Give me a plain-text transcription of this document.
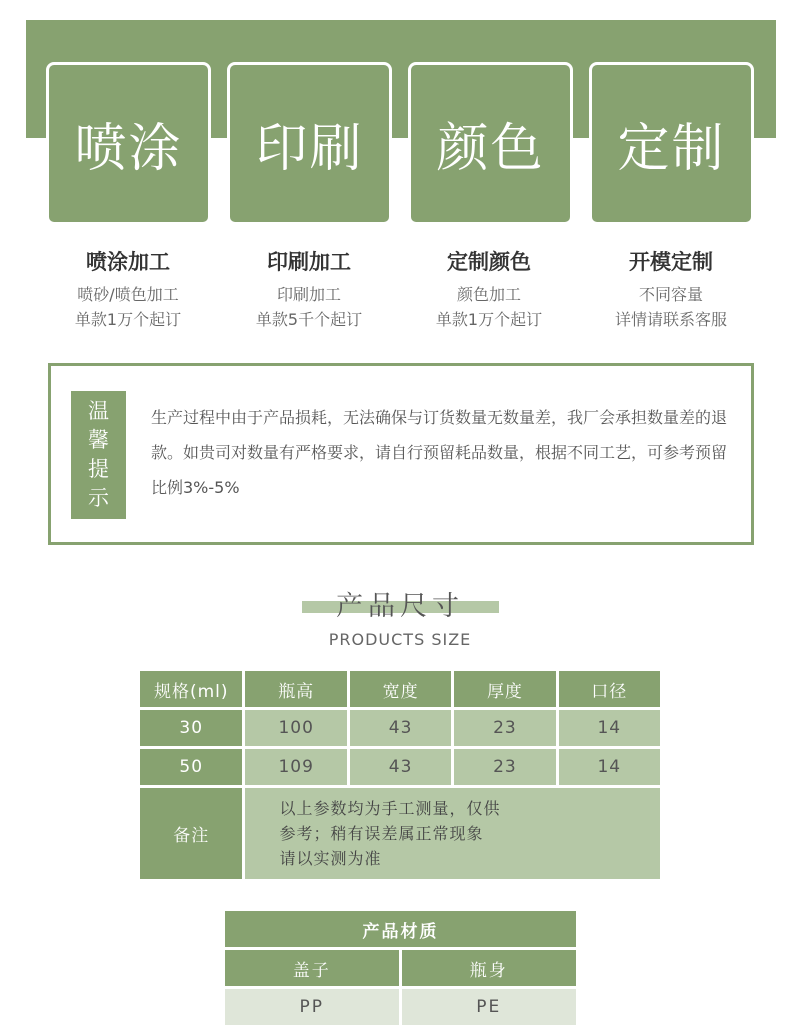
喷涂 印刷 颜色 定制
喷涂加工
喷砂/喷色加工
单款1万个起订
印刷加工
印刷加工
单款5千个起订
定制颜色
颜色加工
单款1万个起订
开模定制
不同容量
详情请联系客服
温
馨
提
示
生产过程中由于产品损耗，无法确保与订货数量无数量差，我厂会承担数量差的退款。如贵司对数量有严格要求，请自行预留耗品数量，根据不同工艺，可参考预留比例3%-5%
产品尺寸
PRODUCTS SIZE
规格(ml)	瓶高	宽度	厚度	口径
30	100	43	23	14
50	109	43	23	14
备注	以上参数均为手工测量，仅供
参考；稍有误差属正常现象
请以实测为准			
产品材质	
盖子	瓶身
PP	PE
